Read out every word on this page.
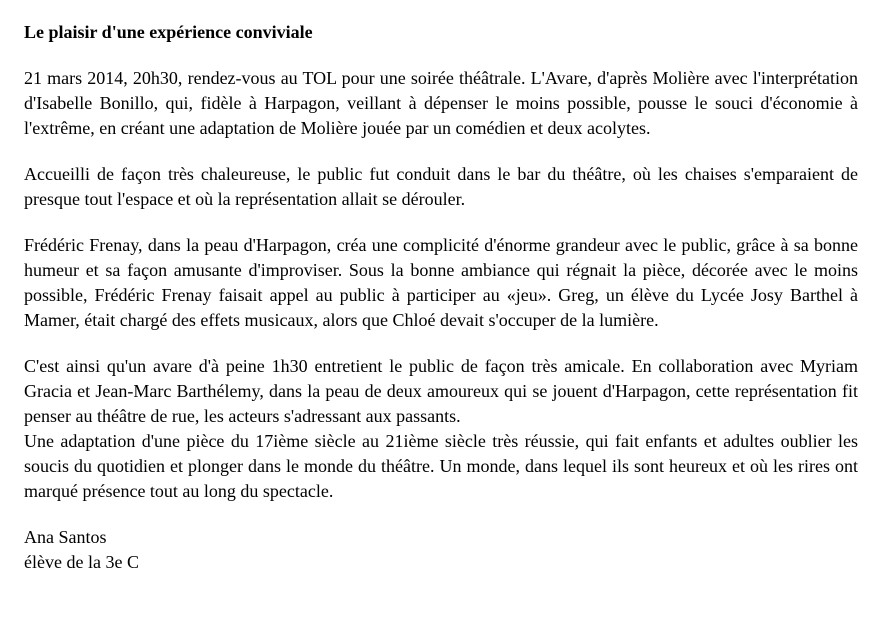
Le plaisir d'une expérience conviviale

21 mars 2014, 20h30, rendez-vous au TOL pour une soirée théâtrale. L'Avare, d'après Molière avec l'interprétation d'Isabelle Bonillo, qui, fidèle à Harpagon, veillant à dépenser le moins possible, pousse le souci d'économie à l'extrême, en créant une adaptation de Molière jouée par un comédien et deux acolytes.

Accueilli de façon très chaleureuse, le public fut conduit dans le bar du théâtre, où les chaises s'emparaient de presque tout l'espace et où la représentation allait se dérouler.

Frédéric Frenay, dans la peau d'Harpagon, créa une complicité d'énorme grandeur avec le public, grâce à sa bonne humeur et sa façon amusante d'improviser. Sous la bonne ambiance qui régnait la pièce, décorée avec le moins possible, Frédéric Frenay faisait appel au public à participer au «jeu». Greg, un élève du Lycée Josy Barthel à Mamer, était chargé des effets musicaux, alors que Chloé devait s'occuper de la lumière.

C'est ainsi qu'un avare d'à peine 1h30 entretient le public de façon très amicale. En collaboration avec Myriam Gracia et Jean-Marc Barthélemy, dans la peau de deux amoureux qui se jouent d'Harpagon, cette représentation fit penser au théâtre de rue, les acteurs s'adressant aux passants.

Une adaptation d'une pièce du 17ième siècle au 21ième siècle très réussie, qui fait enfants et adultes oublier les soucis du quotidien et plonger dans le monde du théâtre. Un monde, dans lequel ils sont heureux et où les rires ont marqué présence tout au long du spectacle.

Ana Santos
élève de la 3e C
